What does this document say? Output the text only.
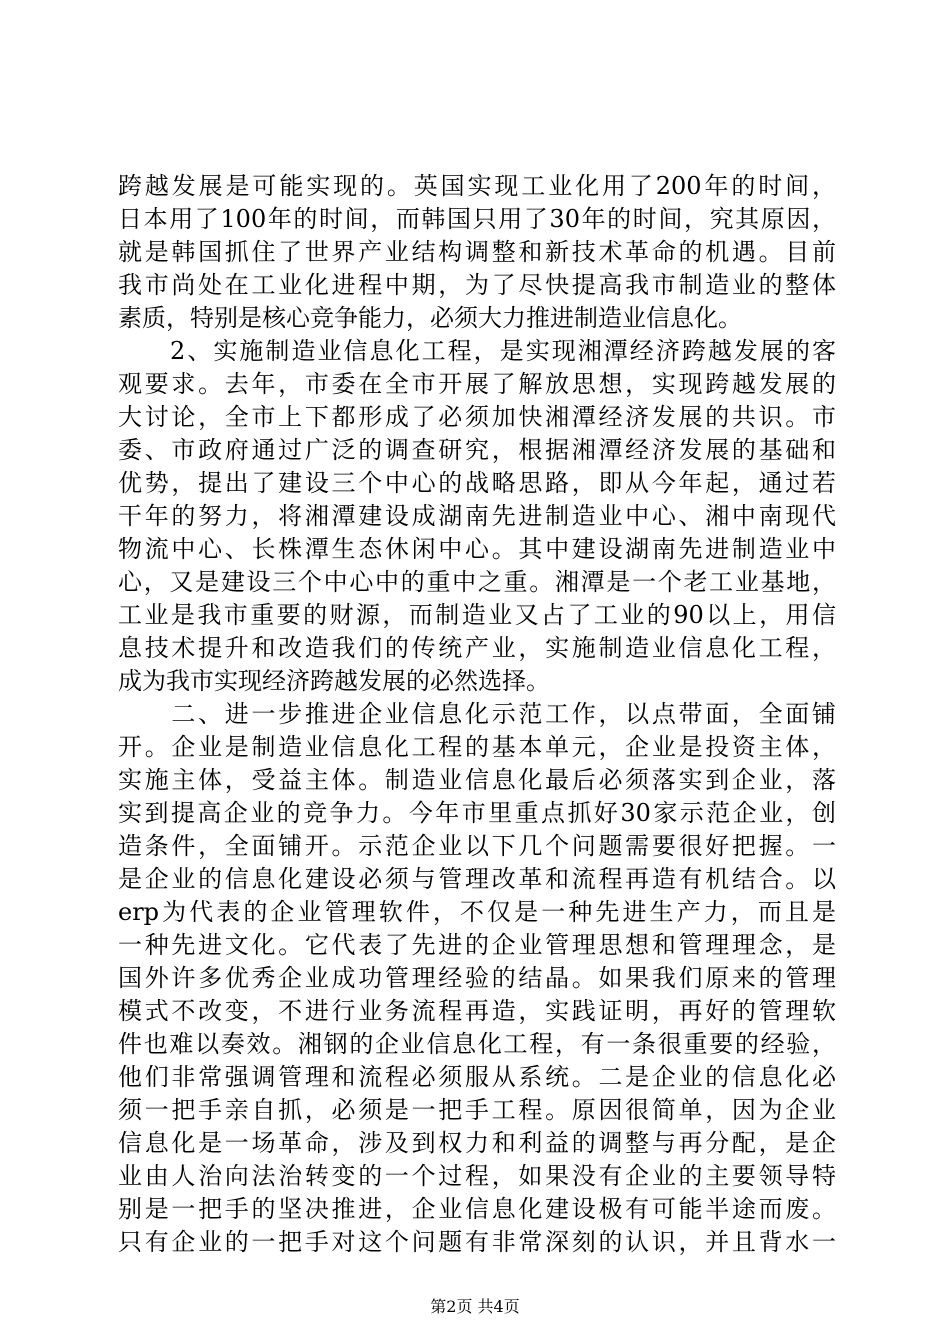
跨越发展是可能实现的。英国实现工业化用了200年的时间，
日本用了100年的时间，而韩国只用了30年的时间，究其原因，
就是韩国抓住了世界产业结构调整和新技术革命的机遇。目前
我市尚处在工业化进程中期，为了尽快提高我市制造业的整体
素质，特别是核心竞争能力，必须大力推进制造业信息化。
　　2、实施制造业信息化工程，是实现湘潭经济跨越发展的客
观要求。去年，市委在全市开展了解放思想，实现跨越发展的
大讨论，全市上下都形成了必须加快湘潭经济发展的共识。市
委、市政府通过广泛的调查研究，根据湘潭经济发展的基础和
优势，提出了建设三个中心的战略思路，即从今年起，通过若
干年的努力，将湘潭建设成湖南先进制造业中心、湘中南现代
物流中心、长株潭生态休闲中心。其中建设湖南先进制造业中
心，又是建设三个中心中的重中之重。湘潭是一个老工业基地，
工业是我市重要的财源，而制造业又占了工业的90以上，用信
息技术提升和改造我们的传统产业，实施制造业信息化工程，
成为我市实现经济跨越发展的必然选择。
　　二、进一步推进企业信息化示范工作，以点带面，全面铺
开。企业是制造业信息化工程的基本单元，企业是投资主体，
实施主体，受益主体。制造业信息化最后必须落实到企业，落
实到提高企业的竞争力。今年市里重点抓好30家示范企业，创
造条件，全面铺开。示范企业以下几个问题需要很好把握。一
是企业的信息化建设必须与管理改革和流程再造有机结合。以
erp为代表的企业管理软件，不仅是一种先进生产力，而且是
一种先进文化。它代表了先进的企业管理思想和管理理念，是
国外许多优秀企业成功管理经验的结晶。如果我们原来的管理
模式不改变，不进行业务流程再造，实践证明，再好的管理软
件也难以奏效。湘钢的企业信息化工程，有一条很重要的经验，
他们非常强调管理和流程必须服从系统。二是企业的信息化必
须一把手亲自抓，必须是一把手工程。原因很简单，因为企业
信息化是一场革命，涉及到权力和利益的调整与再分配，是企
业由人治向法治转变的一个过程，如果没有企业的主要领导特
别是一把手的坚决推进，企业信息化建设极有可能半途而废。
只有企业的一把手对这个问题有非常深刻的认识，并且背水一
第2页 共4页
